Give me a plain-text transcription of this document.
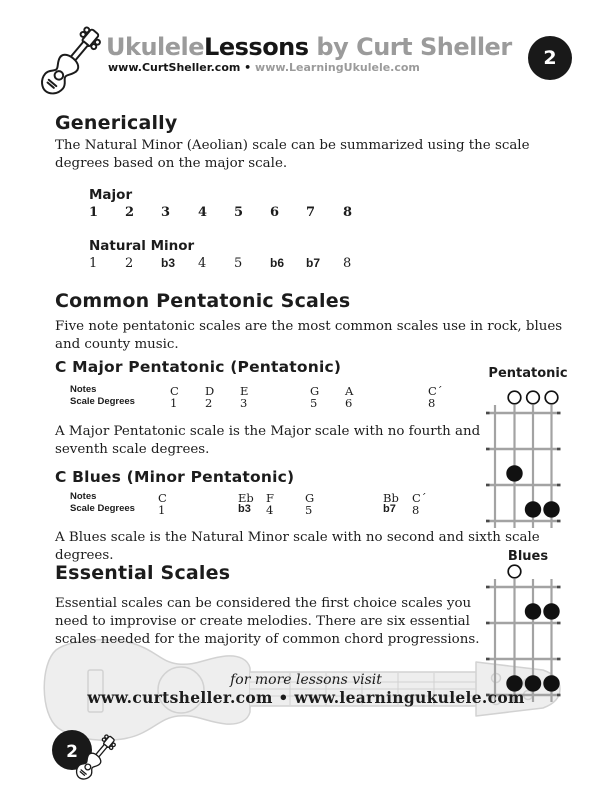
UkuleleLessons by Curt Sheller
www.CurtSheller.com • www.LearningUkulele.com	2
Generically
The Natural Minor (Aeolian) scale can be summarized using the scale degrees based on the major scale.
Major
1 2 3 4 5 6 7 8
Natural Minor
1 2 b3 4 5 b6 b7 8
Common Pentatonic Scales
Five note pentatonic scales are the most common scales use in rock, blues and county music.
C Major Pentatonic (Pentatonic)
Notes	C D E	G A	C´
Scale Degrees	1 2 3	5 6	8
A Major Pentatonic scale is the Major scale with no fourth and seventh scale degrees.
C Blues (Minor Pentatonic)
Notes	C	Eb F	G	Bb C´
Scale Degrees 1	b3 4	5	b7 8
A Blues scale is the Natural Minor scale with no second and sixth scale degrees.
Essential Scales
Essential scales can be considered the first choice scales you need to improvise or create melodies. There are six essential scales needed for the majority of common chord progressions.
Pentatonic
Blues
for more lessons visit
www.curtsheller.com • www.learningukulele.com
2
